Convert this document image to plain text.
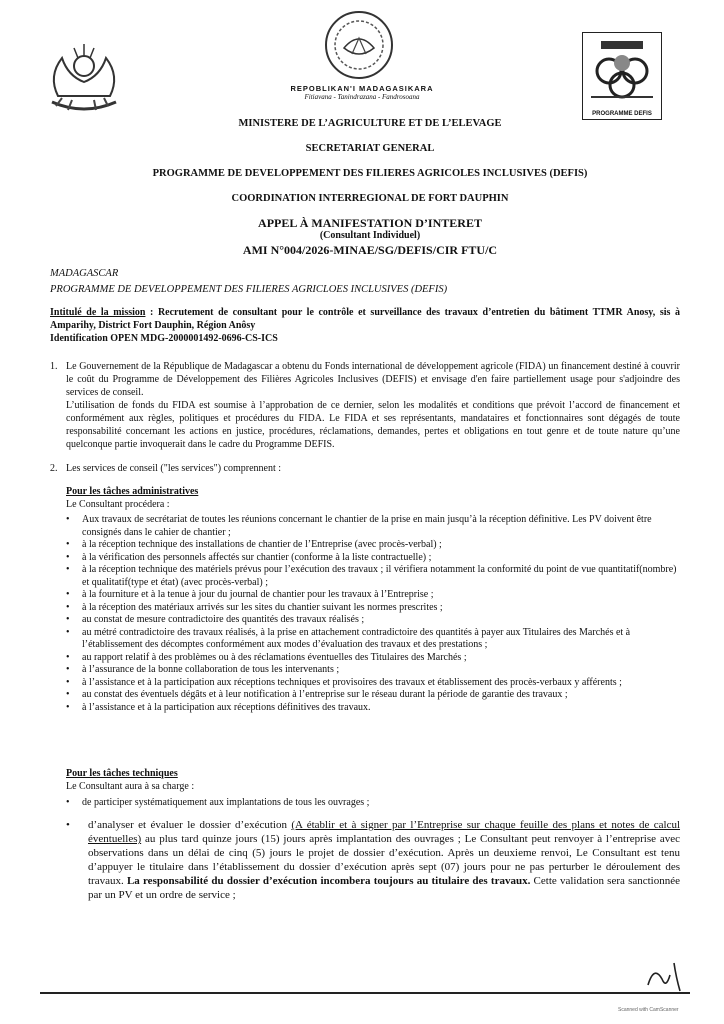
REPOBLIKAN'I MADAGASIKARA
Fitiavana - Tanindrazana - Fandrosoana
PROGRAMME DEFIS
MINISTERE DE L’AGRICULTURE ET DE L’ELEVAGE
SECRETARIAT GENERAL
PROGRAMME DE DEVELOPPEMENT DES FILIERES AGRICOLES INCLUSIVES (DEFIS)
COORDINATION INTERREGIONAL DE FORT DAUPHIN
APPEL À MANIFESTATION D’INTERET
(Consultant Individuel)
AMI N°004/2026-MINAE/SG/DEFIS/CIR FTU/C
MADAGASCAR
PROGRAMME DE DEVELOPPEMENT DES FILIERES AGRICLOES INCLUSIVES (DEFIS)
Intitulé de la mission : Recrutement de consultant pour le contrôle et surveillance des travaux d’entretien du bâtiment TTMR Anosy, sis à Amparihy, District Fort Dauphin, Région Anôsy
Identification OPEN MDG-2000001492-0696-CS-ICS
1. Le Gouvernement de la République de Madagascar a obtenu du Fonds international de développement agricole (FIDA) un financement destiné à couvrir le coût du Programme de Développement des Filières Agricoles Inclusives (DEFIS) et envisage d'en faire partiellement usage pour s'adjoindre des services de conseil.
L’utilisation de fonds du FIDA est soumise à l’approbation de ce dernier, selon les modalités et conditions que prévoit l’accord de financement et conformément aux règles, politiques et procédures du FIDA. Le FIDA et ses représentants, mandataires et fonctionnaires sont dégagés de toute responsabilité concernant les actions en justice, procédures, réclamations, demandes, pertes et obligations en tout genre et de toute nature qu’une quelconque partie invoquerait dans le cadre du Programme DEFIS.
2. Les services de conseil ("les services") comprennent :
Pour les tâches administratives
Le Consultant procédera :
• Aux travaux de secrétariat de toutes les réunions concernant le chantier de la prise en main jusqu’à la réception définitive. Les PV doivent être consignés dans le cahier de chantier ;
• à la réception technique des installations de chantier de l’Entreprise (avec procès-verbal) ;
• à la vérification des personnels affectés sur chantier (conforme à la liste contractuelle) ;
• à la réception technique des matériels prévus pour l’exécution des travaux ; il vérifiera notamment la conformité du point de vue quantitatif(nombre) et qualitatif(type et état) (avec procès-verbal) ;
• à la fourniture et à la tenue à jour du journal de chantier pour les travaux à l’Entreprise ;
• à la réception des matériaux arrivés sur les sites du chantier suivant les normes prescrites ;
• au constat de mesure contradictoire des quantités des travaux réalisés ;
• au métré contradictoire des travaux réalisés, à la prise en attachement contradictoire des quantités à payer aux Titulaires des Marchés et à l’établissement des décomptes conformément aux modes d’évaluation des travaux et des prestations ;
• au rapport relatif à des problèmes ou à des réclamations éventuelles des Titulaires des Marchés ;
• à l’assurance de la bonne collaboration de tous les intervenants ;
• à l’assistance et à la participation aux réceptions techniques et provisoires des travaux et établissement des procès-verbaux y afférents ;
• au constat des éventuels dégâts et à leur notification à l’entreprise sur le réseau durant la période de garantie des travaux ;
• à l’assistance et à la participation aux réceptions définitives des travaux.
Pour les tâches techniques
Le Consultant aura à sa charge :
• de participer systématiquement aux implantations de tous les ouvrages ;
• d’analyser et évaluer le dossier d’exécution (A établir et à signer par l’Entreprise sur chaque feuille des plans et notes de calcul éventuelles) au plus tard quinze jours (15) jours après implantation des ouvrages ; Le Consultant peut renvoyer à l’entreprise avec observations dans un délai de cinq (5) jours le projet de dossier d’exécution. Après un deuxieme renvoi, Le Consultant est tenu d’appuyer le titulaire dans l’établissement du dossier d’exécution après sept (07) jours pour ne pas perturber le déroulement des travaux. La responsabilité du dossier d’exécution incombera toujours au titulaire des travaux. Cette validation sera sanctionnée par un PV et un ordre de service ;
Scanned with CamScanner
